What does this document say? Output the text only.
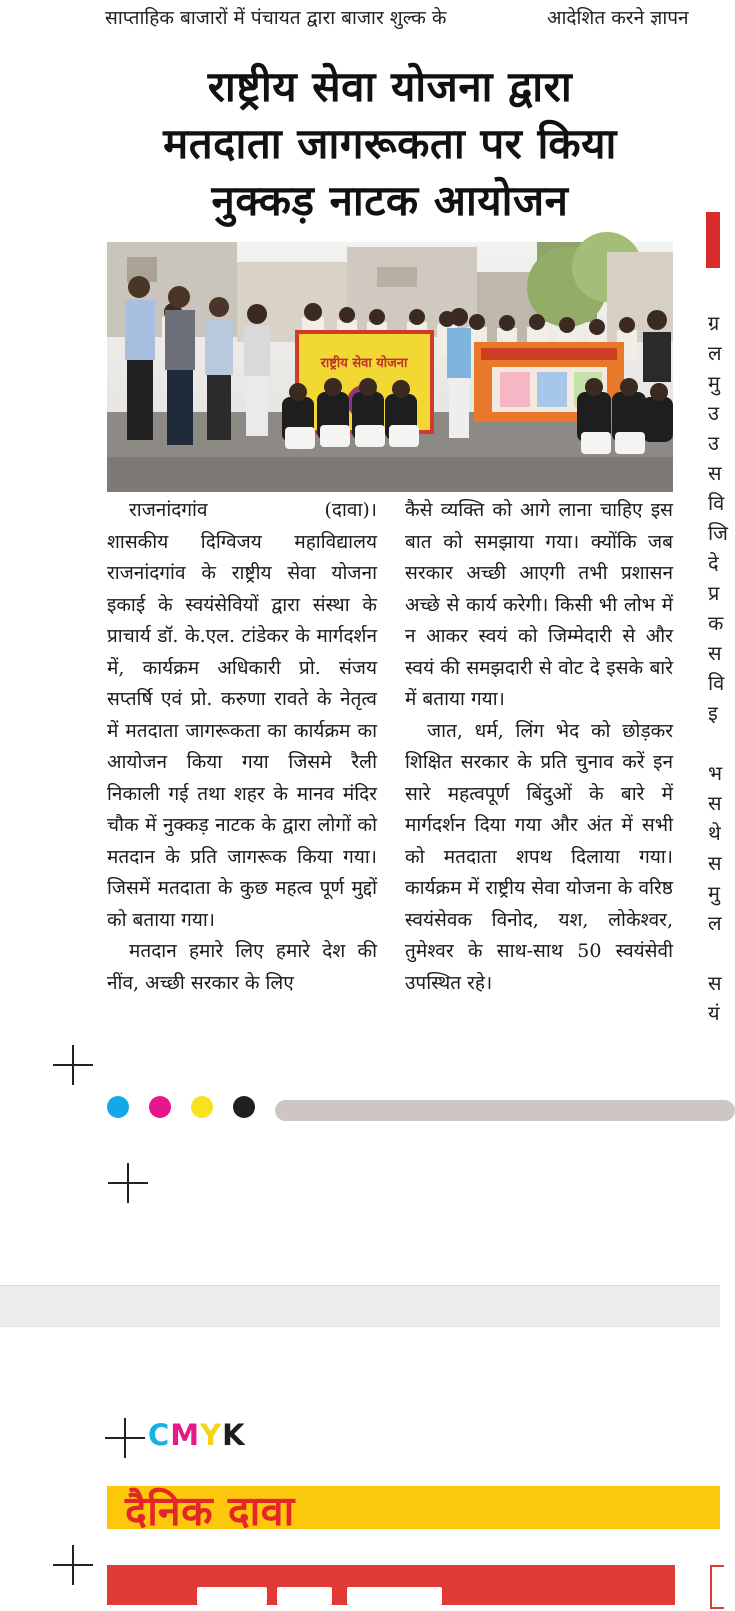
साप्ताहिक बाजारों में पंचायत द्वारा बाजार शुल्क के	आदेशित करने ज्ञापन
राष्ट्रीय सेवा योजना द्वारा
मतदाता जागरूकता पर किया
नुक्कड़ नाटक आयोजन
राष्ट्रीय सेवा योजना

राजनांदगांव	(दावा)।
शासकीय दिग्विजय महाविद्यालय राजनांदगांव के राष्ट्रीय सेवा योजना इकाई के स्वयंसेवियों द्वारा संस्था के प्राचार्य डॉ. के.एल. टांडेकर के मार्गदर्शन में, कार्यक्रम अधिकारी प्रो. संजय सप्तर्षि एवं प्रो. करुणा रावते के नेतृत्व में मतदाता जागरूकता का कार्यक्रम का आयोजन किया गया जिसमे रैली निकाली गई तथा शहर के मानव मंदिर चौक में नुक्कड़ नाटक के द्वारा लोगों को मतदान के प्रति जागरूक किया गया। जिसमें मतदाता के कुछ महत्व पूर्ण मुद्दों को बताया गया।

मतदान हमारे लिए हमारे देश की नींव, अच्छी सरकार के लिए

कैसे व्यक्ति को आगे लाना चाहिए इस बात को समझाया गया। क्योंकि जब सरकार अच्छी आएगी तभी प्रशासन अच्छे से कार्य करेगी। किसी भी लोभ में न आकर स्वयं को जिम्मेदारी से और स्वयं की समझदारी से वोट दे इसके बारे में बताया गया।

जात, धर्म, लिंग भेद को छोड़कर शिक्षित सरकार के प्रति चुनाव करें इन सारे महत्वपूर्ण बिंदुओं के बारे में मार्गदर्शन दिया गया और अंत में सभी को मतदाता शपथ दिलाया गया। कार्यक्रम में राष्ट्रीय सेवा योजना के वरिष्ठ स्वयंसेवक विनोद, यश, लोकेश्वर, तुमेश्वर के साथ-साथ 50 स्वयंसेवी उपस्थित रहे।

ग्र
ल
मु
उ
उ
स
वि
जि
दे
प्र
क
स
वि
इ
भ
स
थे
स
मु
ल
स
यं
CMYK
दैनिक दावा
